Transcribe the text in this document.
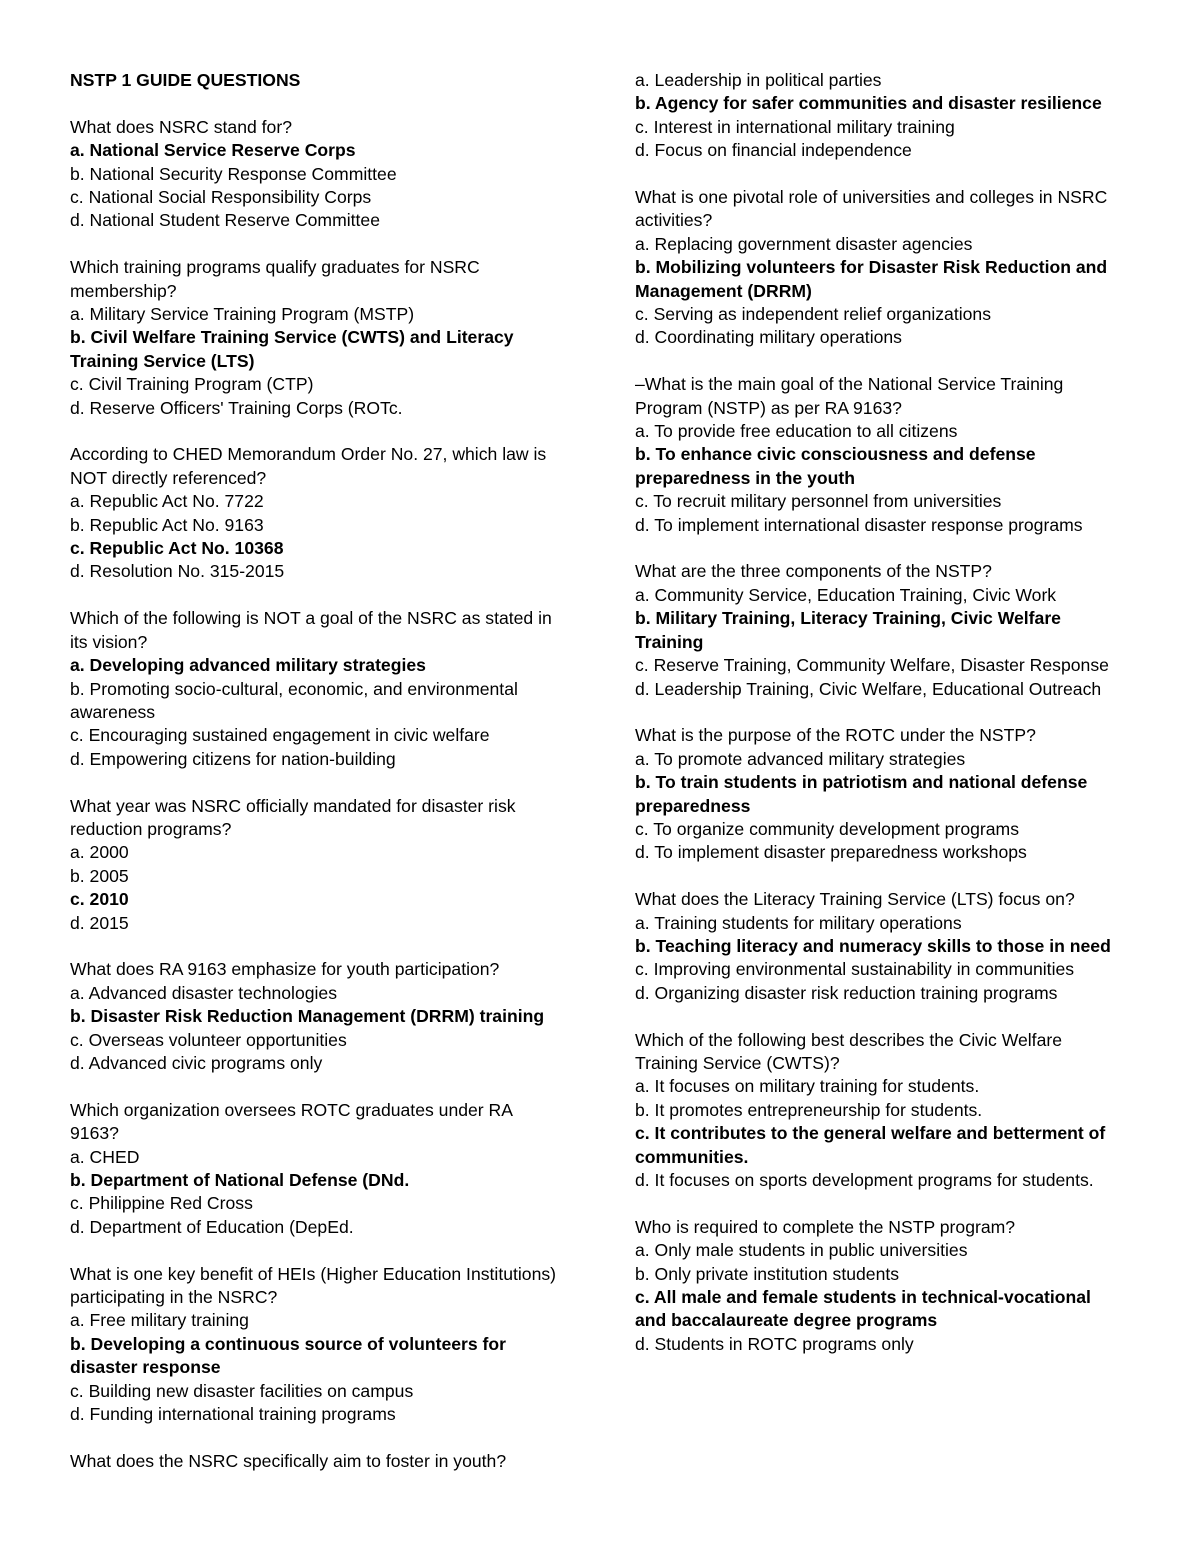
NSTP 1 GUIDE QUESTIONS
What does NSRC stand for?
a. National Service Reserve Corps
b. National Security Response Committee
c. National Social Responsibility Corps
d. National Student Reserve Committee
Which training programs qualify graduates for NSRC membership?
a. Military Service Training Program (MSTP)
b. Civil Welfare Training Service (CWTS) and Literacy Training Service (LTS)
c. Civil Training Program (CTP)
d. Reserve Officers' Training Corps (ROTc.
According to CHED Memorandum Order No. 27, which law is NOT directly referenced?
a. Republic Act No. 7722
b. Republic Act No. 9163
c. Republic Act No. 10368
d. Resolution No. 315-2015
Which of the following is NOT a goal of the NSRC as stated in its vision?
a. Developing advanced military strategies
b. Promoting socio-cultural, economic, and environmental awareness
c. Encouraging sustained engagement in civic welfare
d. Empowering citizens for nation-building
What year was NSRC officially mandated for disaster risk reduction programs?
a. 2000
b. 2005
c. 2010
d. 2015
What does RA 9163 emphasize for youth participation?
a. Advanced disaster technologies
b. Disaster Risk Reduction Management (DRRM) training
c. Overseas volunteer opportunities
d. Advanced civic programs only
Which organization oversees ROTC graduates under RA 9163?
a. CHED
b. Department of National Defense (DNd.
c. Philippine Red Cross
d. Department of Education (DepEd.
What is one key benefit of HEIs (Higher Education Institutions) participating in the NSRC?
a. Free military training
b. Developing a continuous source of volunteers for disaster response
c. Building new disaster facilities on campus
d. Funding international training programs
What does the NSRC specifically aim to foster in youth?
a. Leadership in political parties
b. Agency for safer communities and disaster resilience
c. Interest in international military training
d. Focus on financial independence
What is one pivotal role of universities and colleges in NSRC activities?
a. Replacing government disaster agencies
b. Mobilizing volunteers for Disaster Risk Reduction and Management (DRRM)
c. Serving as independent relief organizations
d. Coordinating military operations
–What is the main goal of the National Service Training Program (NSTP) as per RA 9163?
a. To provide free education to all citizens
b. To enhance civic consciousness and defense preparedness in the youth
c. To recruit military personnel from universities
d. To implement international disaster response programs
What are the three components of the NSTP?
a. Community Service, Education Training, Civic Work
b. Military Training, Literacy Training, Civic Welfare Training
c. Reserve Training, Community Welfare, Disaster Response
d. Leadership Training, Civic Welfare, Educational Outreach
What is the purpose of the ROTC under the NSTP?
a. To promote advanced military strategies
b. To train students in patriotism and national defense preparedness
c. To organize community development programs
d. To implement disaster preparedness workshops
What does the Literacy Training Service (LTS) focus on?
a. Training students for military operations
b. Teaching literacy and numeracy skills to those in need
c. Improving environmental sustainability in communities
d. Organizing disaster risk reduction training programs
Which of the following best describes the Civic Welfare Training Service (CWTS)?
a. It focuses on military training for students.
b. It promotes entrepreneurship for students.
c. It contributes to the general welfare and betterment of communities.
d. It focuses on sports development programs for students.
Who is required to complete the NSTP program?
a. Only male students in public universities
b. Only private institution students
c. All male and female students in technical-vocational and baccalaureate degree programs
d. Students in ROTC programs only
